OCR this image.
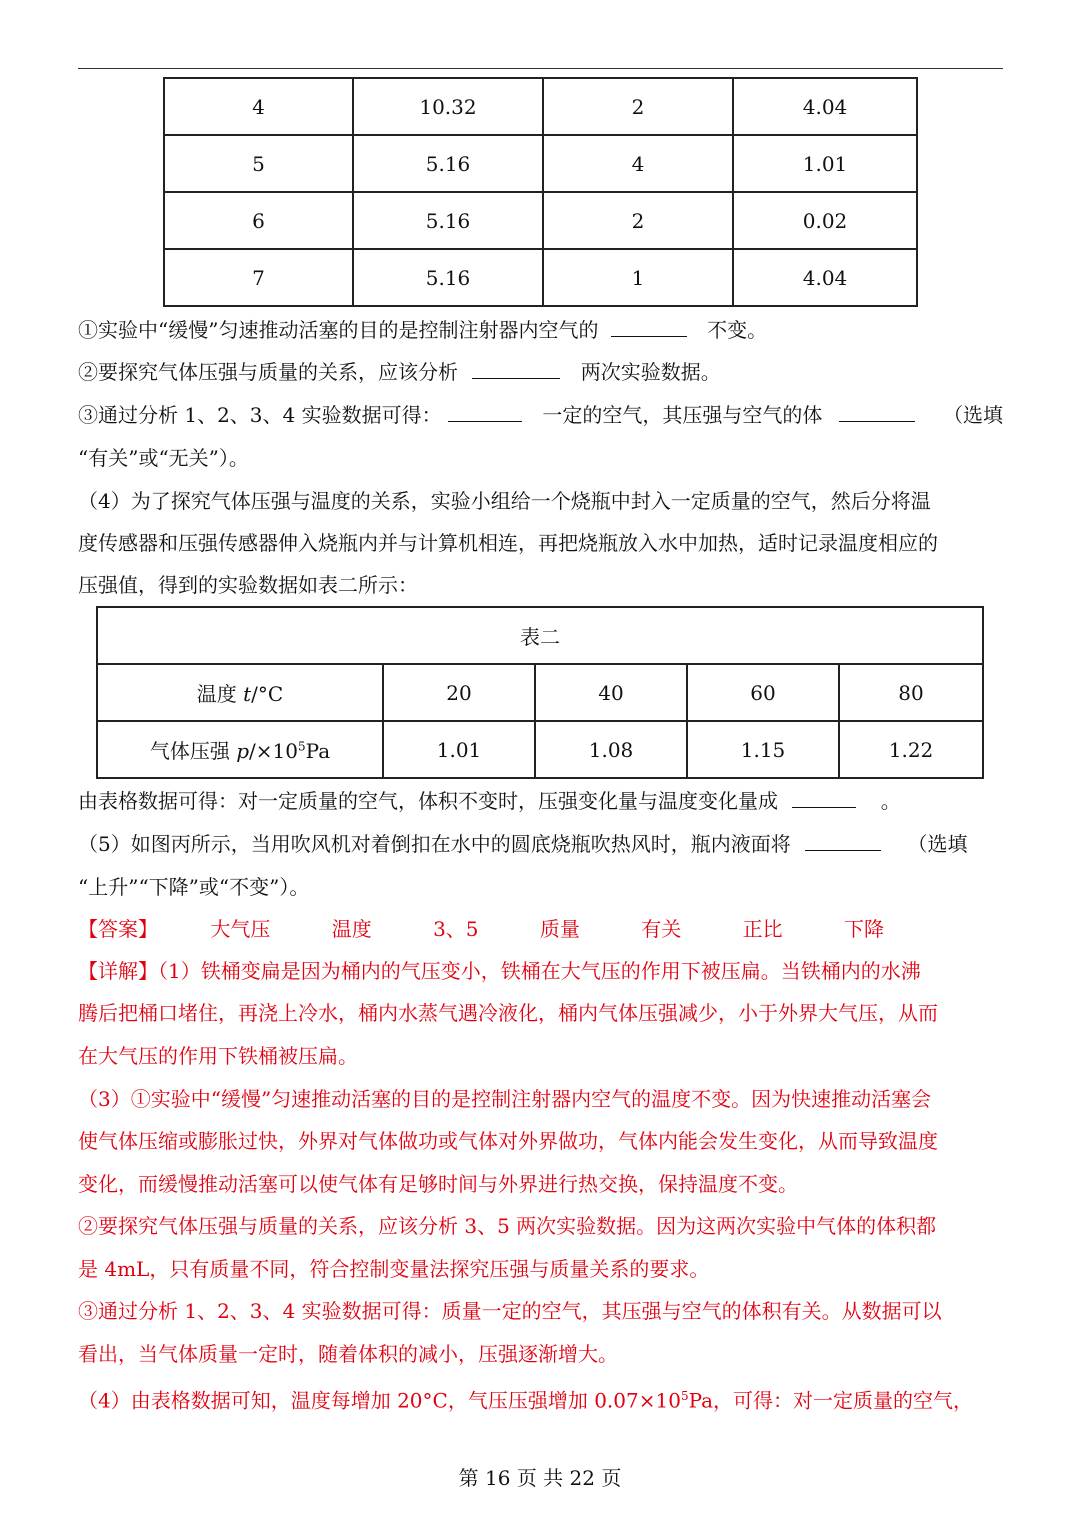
4	10.32	2	4.04
5	5.16	4	1.01
6	5.16	2	0.02
7	5.16	1	4.04
①实验中“缓慢”匀速推动活塞的目的是控制注射器内空气的	不变。
②要探究气体压强与质量的关系，应该分析	两次实验数据。
③通过分析 1、2、3、4 实验数据可得：	一定的空气，其压强与空气的体	（选填
“有关”或“无关”）。
（4）为了探究气体压强与温度的关系，实验小组给一个烧瓶中封入一定质量的空气，然后分将温
度传感器和压强传感器伸入烧瓶内并与计算机相连，再把烧瓶放入水中加热，适时记录温度相应的
压强值，得到的实验数据如表二所示：
表二				
温度 t/°C	20	40	60	80
气体压强 $p/\times 10^5Pa$	1.01	1.08	1.15	1.22
由表格数据可得：对一定质量的空气，体积不变时，压强变化量与温度变化量成	。
（5）如图丙所示，当用吹风机对着倒扣在水中的圆底烧瓶吹热风时，瓶内液面将	（选填
“上升”“下降”或“不变”）。
【答案】	大气压	温度	3、5	质量	有关	正比	下降
【详解】（1）铁桶变扁是因为桶内的气压变小，铁桶在大气压的作用下被压扁。当铁桶内的水沸
腾后把桶口堵住，再浇上冷水，桶内水蒸气遇冷液化，桶内气体压强减少，小于外界大气压，从而
在大气压的作用下铁桶被压扁。
（3）①实验中“缓慢”匀速推动活塞的目的是控制注射器内空气的温度不变。因为快速推动活塞会
使气体压缩或膨胀过快，外界对气体做功或气体对外界做功，气体内能会发生变化，从而导致温度
变化，而缓慢推动活塞可以使气体有足够时间与外界进行热交换，保持温度不变。
②要探究气体压强与质量的关系，应该分析 3、5 两次实验数据。因为这两次实验中气体的体积都
是 4mL，只有质量不同，符合控制变量法探究压强与质量关系的要求。
③通过分析 1、2、3、4 实验数据可得：质量一定的空气，其压强与空气的体积有关。从数据可以
看出，当气体质量一定时，随着体积的减小，压强逐渐增大。
（4）由表格数据可知，温度每增加 20°C，气压压强增加 $0.07\times 10^5Pa$，可得：对一定质量的空气，
第 16 页 共 22 页
